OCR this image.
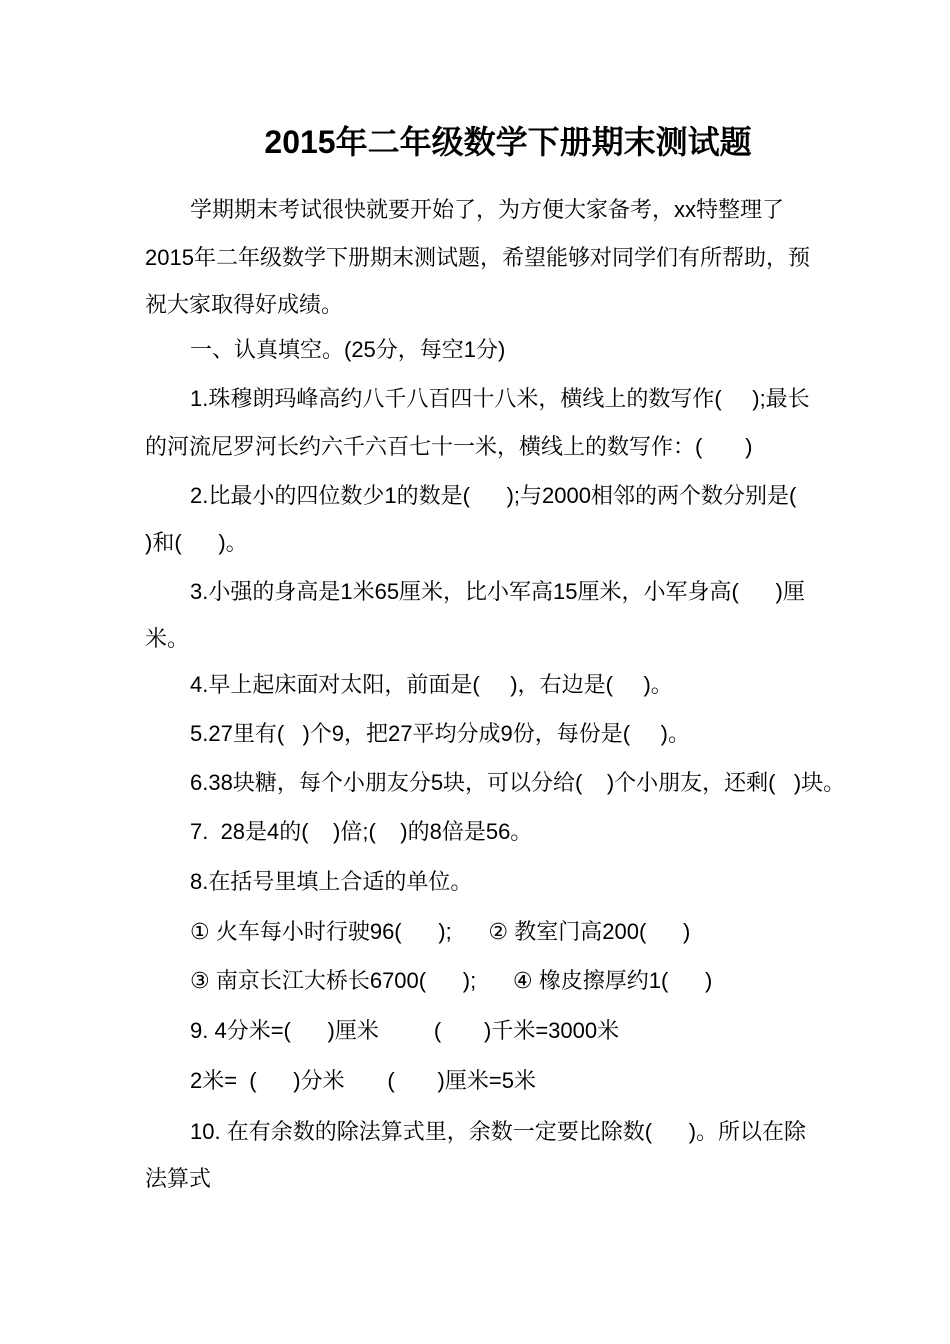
2015年二年级数学下册期末测试题
学期期末考试很快就要开始了，为方便大家备考，xx特整理了
2015年二年级数学下册期末测试题，希望能够对同学们有所帮助，预
祝大家取得好成绩。
一、认真填空。(25分，每空1分)
1.珠穆朗玛峰高约八千八百四十八米，横线上的数写作(     );最长
的河流尼罗河长约六千六百七十一米，横线上的数写作：(       )
2.比最小的四位数少1的数是(      );与2000相邻的两个数分别是(
)和(      )。
3.小强的身高是1米65厘米，比小军高15厘米，小军身高(      )厘
米。
4.早上起床面对太阳，前面是(     )，右边是(     )。
5.27里有(   )个9，把27平均分成9份，每份是(     )。
6.38块糖，每个小朋友分5块，可以分给(    )个小朋友，还剩(   )块。
7.  28是4的(    )倍;(    )的8倍是56。
8.在括号里填上合适的单位。
① 火车每小时行驶96(      );      ② 教室门高200(      )
③ 南京长江大桥长6700(      );      ④ 橡皮擦厚约1(      )
9. 4分米=(      )厘米         (       )千米=3000米
2米=  (      )分米       (       )厘米=5米
10. 在有余数的除法算式里，余数一定要比除数(      )。所以在除
法算式
